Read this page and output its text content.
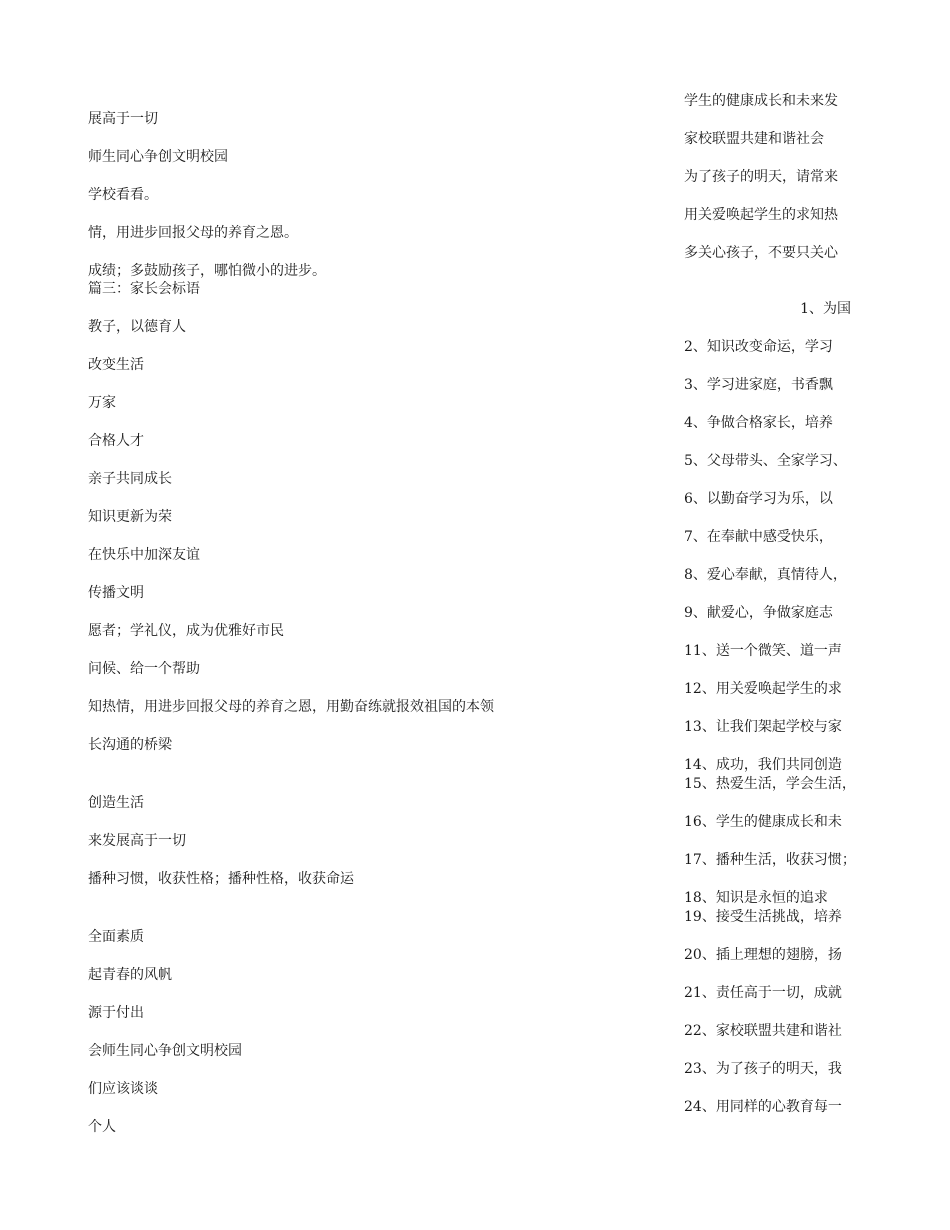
展高于一切
师生同心争创文明校园
学校看看。
情，用进步回报父母的养育之恩。
成绩；多鼓励孩子，哪怕微小的进步。
篇三：家长会标语
教子，以德育人
改变生活
万家
合格人才
亲子共同成长
知识更新为荣
在快乐中加深友谊
传播文明
愿者；学礼仪，成为优雅好市民
问候、给一个帮助
知热情，用进步回报父母的养育之恩，用勤奋练就报效祖国的本领
长沟通的桥梁
创造生活
来发展高于一切
播种习惯，收获性格；播种性格，收获命运
全面素质
起青春的风帆
源于付出
会师生同心争创文明校园
们应该谈谈
个人
学生的健康成长和未来发
家校联盟共建和谐社会
为了孩子的明天，请常来
用关爱唤起学生的求知热
多关心孩子，不要只关心
1、为国
2、知识改变命运，学习
3、学习进家庭，书香飘
4、争做合格家长，培养
5、父母带头、全家学习、
6、以勤奋学习为乐，以
7、在奉献中感受快乐，
8、爱心奉献，真情待人，
9、献爱心，争做家庭志
11、送一个微笑、道一声
12、用关爱唤起学生的求
13、让我们架起学校与家
14、成功，我们共同创造
15、热爱生活，学会生活，
16、学生的健康成长和未
17、播种生活，收获习惯；
18、知识是永恒的追求
19、接受生活挑战，培养
20、插上理想的翅膀，扬
21、责任高于一切，成就
22、家校联盟共建和谐社
23、为了孩子的明天，我
24、用同样的心教育每一
